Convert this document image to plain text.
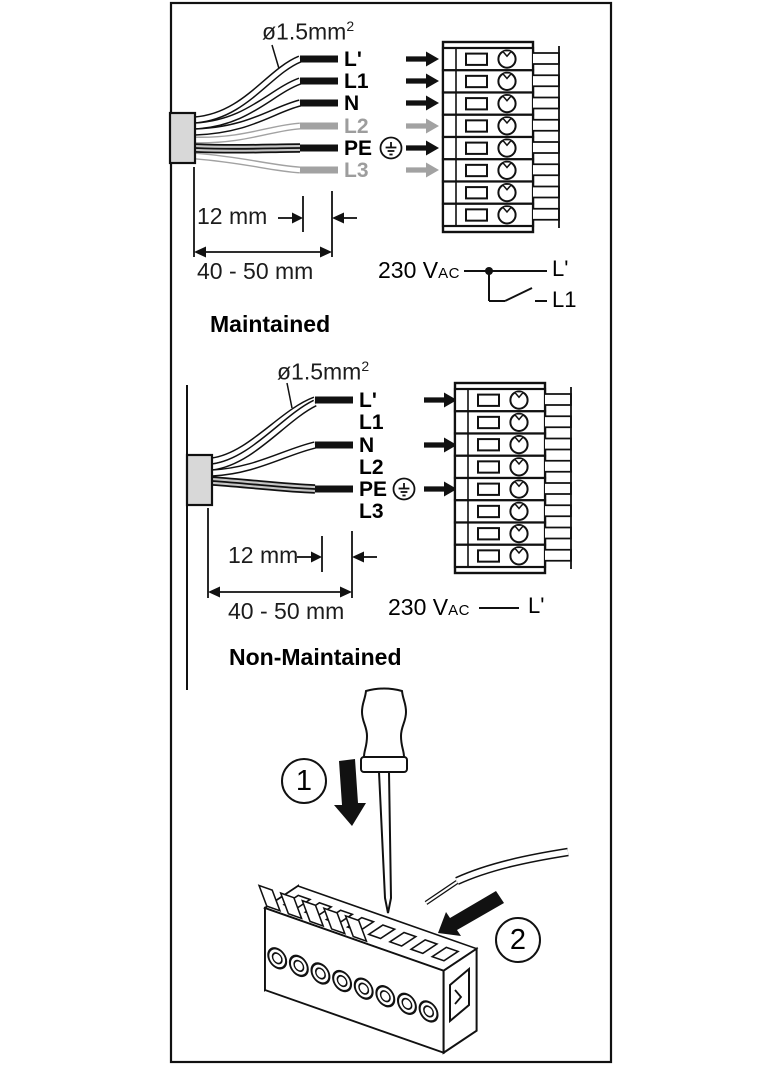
$ø1.5mm^2$
L'
L1
N
L2
PE
L3
12 mm
40 - 50 mm	230 VAC	L'
L1
Maintained
$ø1.5mm^2$
L'
L1
N
L2
PE
L3
12 mm
40 - 50 mm 230 VAC	L'
Non-Maintained
1
2
